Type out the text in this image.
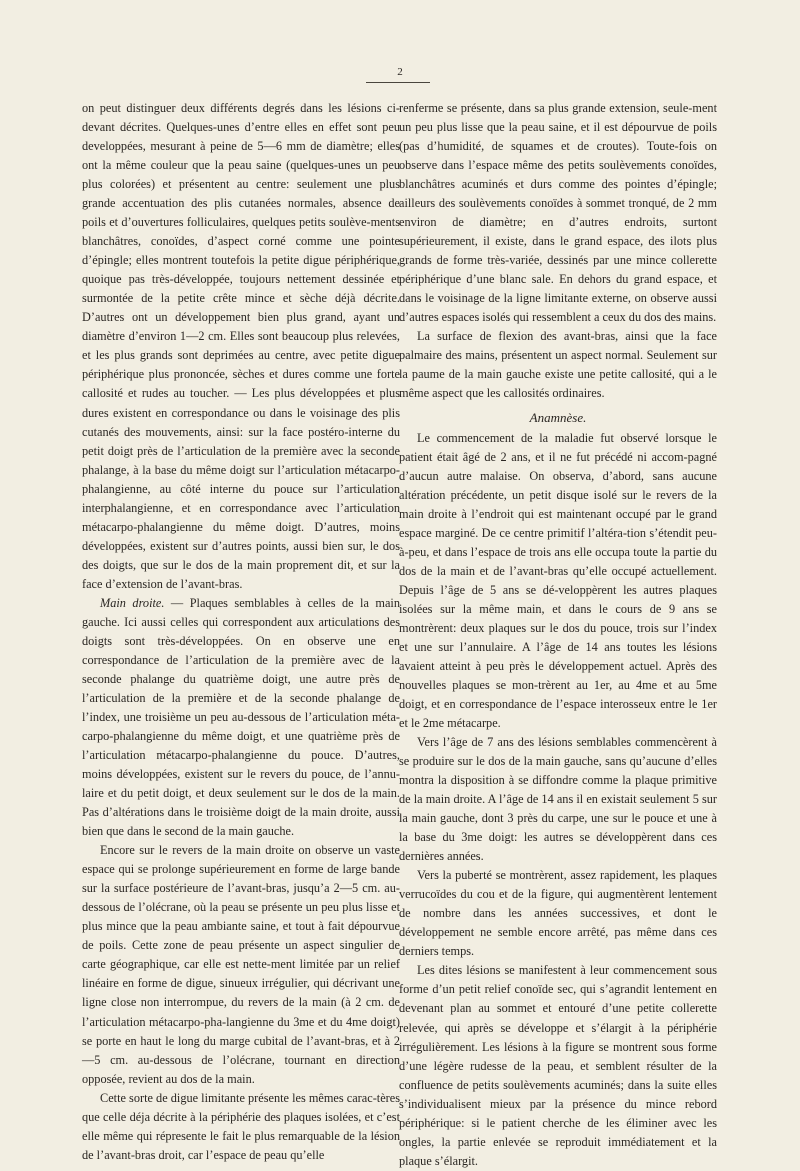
2

on peut distinguer deux différents degrés dans les lésions ci-devant décrites. Quelques-unes d’entre elles en effet sont peu developpées, mesurant à peine de 5—6 mm de diamètre; elles ont la même couleur que la peau saine (quelques-unes un peu plus colorées) et présentent au centre: seulement une plus grande accentuation des plis cutanées normales, absence de poils et d’ouvertures folliculaires, quelques petits soulève-ments blanchâtres, conoïdes, d’aspect corné comme une pointe d’épingle; elles montrent toutefois la petite digue périphérique, quoique pas très-développée, toujours nettement dessinée et surmontée de la petite crête mince et sèche déjà décrite. D’autres ont un développement bien plus grand, ayant un diamètre d’environ 1—2 cm. Elles sont beaucoup plus relevées, et les plus grands sont deprimées au centre, avec petite digue périphérique plus prononcée, sèches et dures comme une forte callosité et rudes au toucher. — Les plus développées et plus dures existent en correspondance ou dans le voisinage des plis cutanés des mouvements, ainsi: sur la face postéro-interne du petit doigt près de l’articulation de la première avec la seconde phalange, à la base du même doigt sur l’articulation métacarpo-phalangienne, au côté interne du pouce sur l’articulation interphalangienne, et en correspondance avec l’articulation métacarpo-phalangienne du même doigt. D’autres, moins développées, existent sur d’autres points, aussi bien sur, le dos des doigts, que sur le dos de la main proprement dit, et sur la face d’extension de l’avant-bras.

Main droite. — Plaques semblables à celles de la main gauche. Ici aussi celles qui correspondent aux articulations des doigts sont très-développées. On en observe une en correspondance de l’articulation de la première avec de la seconde phalange du quatrième doigt, une autre près de l’articulation de la première et de la seconde phalange de l’index, une troisième un peu au-dessous de l’articulation méta-carpo-phalangienne du même doigt, et une quatrième près de l’articulation métacarpo-phalangienne du pouce. D’autres, moins développées, existent sur le revers du pouce, de l’annu-laire et du petit doigt, et deux seulement sur le dos de la main. Pas d’altérations dans le troisième doigt de la main droite, aussi bien que dans le second de la main gauche.

Encore sur le revers de la main droite on observe un vaste espace qui se prolonge supérieurement en forme de large bande sur la surface postérieure de l’avant-bras, jusqu’a 2—5 cm. au-dessous de l’olécrane, où la peau se présente un peu plus lisse et plus mince que la peau ambiante saine, et tout à fait dépourvue de poils. Cette zone de peau présente un aspect singulier de carte géographique, car elle est nette-ment limitée par un relief linéaire en forme de digue, sinueux irrégulier, qui décrivant une ligne close non interrompue, du revers de la main (à 2 cm. de l’articulation métacarpo-pha-langienne du 3me et du 4me doigt) se porte en haut le long du marge cubital de l’avant-bras, et à 2—5 cm. au-dessous de l’olécrane, tournant en direction opposée, revient au dos de la main.

Cette sorte de digue limitante présente les mêmes carac-tères que celle déja décrite à la périphérie des plaques isolées, et c’est elle même qui répresente le fait le plus remarquable de la lésion de l’avant-bras droit, car l’espace de peau qu’elle

renferme se présente, dans sa plus grande extension, seule-ment un peu plus lisse que la peau saine, et il est dépourvue de poils (pas d’humidité, de squames et de croutes). Toute-fois on observe dans l’espace même des petits soulèvements conoïdes, blanchâtres acuminés et durs comme des pointes d’épingle; ailleurs des soulèvements conoïdes à sommet tronqué, de 2 mm environ de diamètre; en d’autres endroits, surtont supérieurement, il existe, dans le grand espace, des ilots plus grands de forme très-variée, dessinés par une mince collerette périphérique d’une blanc sale. En dehors du grand espace, et dans le voisinage de la ligne limitante externe, on observe aussi d’autres espaces isolés qui ressemblent a ceux du dos des mains.

La surface de flexion des avant-bras, ainsi que la face palmaire des mains, présentent un aspect normal. Seulement sur la paume de la main gauche existe une petite callosité, qui a le même aspect que les callosités ordinaires.

Anamnèse.

Le commencement de la maladie fut observé lorsque le patient était âgé de 2 ans, et il ne fut précédé ni accom-pagné d’aucun autre malaise. On observa, d’abord, sans aucune altération précédente, un petit disque isolé sur le revers de la main droite à l’endroit qui est maintenant occupé par le grand espace marginé. De ce centre primitif l’altéra-tion s’étendit peu-à-peu, et dans l’espace de trois ans elle occupa toute la partie du dos de la main et de l’avant-bras qu’elle occupé actuellement. Depuis l’âge de 5 ans se dé-veloppèrent les autres plaques isolées sur la même main, et dans le cours de 9 ans se montrèrent: deux plaques sur le dos du pouce, trois sur l’index et une sur l’annulaire. A l’âge de 14 ans toutes les lésions avaient atteint à peu près le développement actuel. Après des nouvelles plaques se mon-trèrent au 1er, au 4me et au 5me doigt, et en correspondance de l’espace interosseux entre le 1er et le 2me métacarpe.

Vers l’âge de 7 ans des lésions semblables commencèrent à se produire sur le dos de la main gauche, sans qu’aucune d’elles montra la disposition à se diffondre comme la plaque primitive de la main droite. A l’âge de 14 ans il en existait seulement 5 sur la main gauche, dont 3 près du carpe, une sur le pouce et une à la base du 3me doigt: les autres se développèrent dans ces dernières années.

Vers la puberté se montrèrent, assez rapidement, les plaques verrucoïdes du cou et de la figure, qui augmentèrent lentement de nombre dans les années successives, et dont le développement ne semble encore arrêté, pas même dans ces derniers temps.

Les dites lésions se manifestent à leur commencement sous forme d’un petit relief conoïde sec, qui s’agrandit lentement en devenant plan au sommet et entouré d’une petite collerette relevée, qui après se développe et s’élargit à la périphérie irrégulièrement. Les lésions à la figure se montrent sous forme d’une légère rudesse de la peau, et semblent résulter de la confluence de petits soulèvements acuminés; dans la suite elles s’individualisent mieux par la présence du mince rebord périphérique: si le patient cherche de les éliminer avec les ongles, la partie enlevée se reproduit immédiatement et la plaque s’élargit.
